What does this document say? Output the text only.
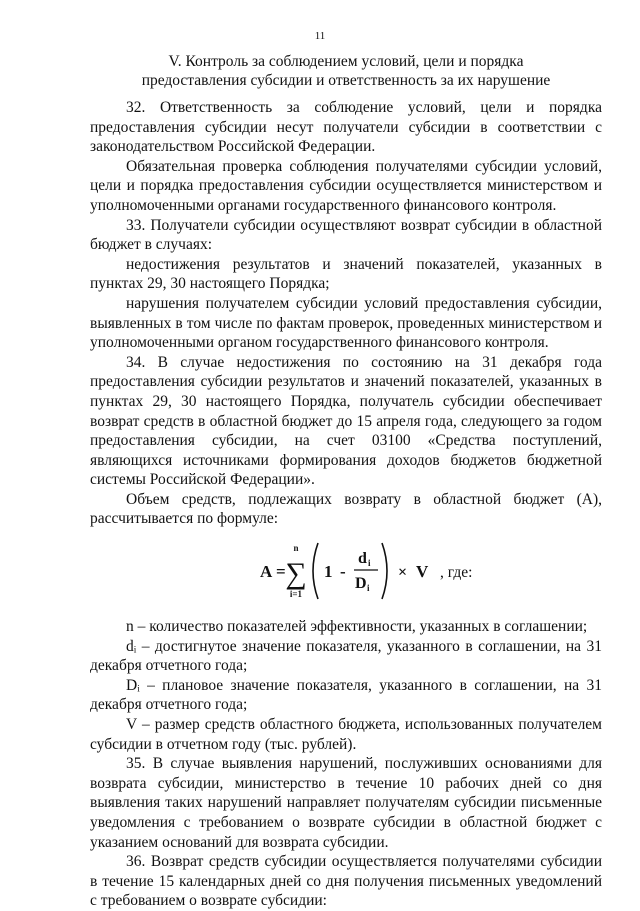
11
V. Контроль за соблюдением условий, цели и порядка
предоставления субсидии и ответственность за их нарушение

32. Ответственность за соблюдение условий, цели и порядка предоставления субсидии несут получатели субсидии в соответствии с законодательством Российской Федерации.

Обязательная проверка соблюдения получателями субсидии условий, цели и порядка предоставления субсидии осуществляется министерством и уполномоченными органами государственного финансового контроля.

33. Получатели субсидии осуществляют возврат субсидии в областной бюджет в случаях:

недостижения результатов и значений показателей, указанных в пунктах 29, 30 настоящего Порядка;

нарушения получателем субсидии условий предоставления субсидии, выявленных в том числе по фактам проверок, проведенных министерством и уполномоченными органом государственного финансового контроля.

34. В случае недостижения по состоянию на 31 декабря года предоставления субсидии результатов и значений показателей, указанных в пунктах 29, 30 настоящего Порядка, получатель субсидии обеспечивает возврат средств в областной бюджет до 15 апреля года, следующего за годом предоставления субсидии, на счет 03100 «Средства поступлений, являющихся источниками формирования доходов бюджетов бюджетной системы Российской Федерации».

Объем средств, подлежащих возврату в областной бюджет (А), рассчитывается по формуле:

A =
n
∑
i=1
1 -
d i
D i
× V , где:

n – количество показателей эффективности, указанных в соглашении;

dᵢ – достигнутое значение показателя, указанного в соглашении, на 31 декабря отчетного года;

Dᵢ – плановое значение показателя, указанного в соглашении, на 31 декабря отчетного года;

V – размер средств областного бюджета, использованных получателем субсидии в отчетном году (тыс. рублей).

35. В случае выявления нарушений, послуживших основаниями для возврата субсидии, министерство в течение 10 рабочих дней со дня выявления таких нарушений направляет получателям субсидии письменные уведомления с требованием о возврате субсидии в областной бюджет с указанием оснований для возврата субсидии.

36. Возврат средств субсидии осуществляется получателями субсидии в течение 15 календарных дней со дня получения письменных уведомлений с требованием о возврате субсидии:
